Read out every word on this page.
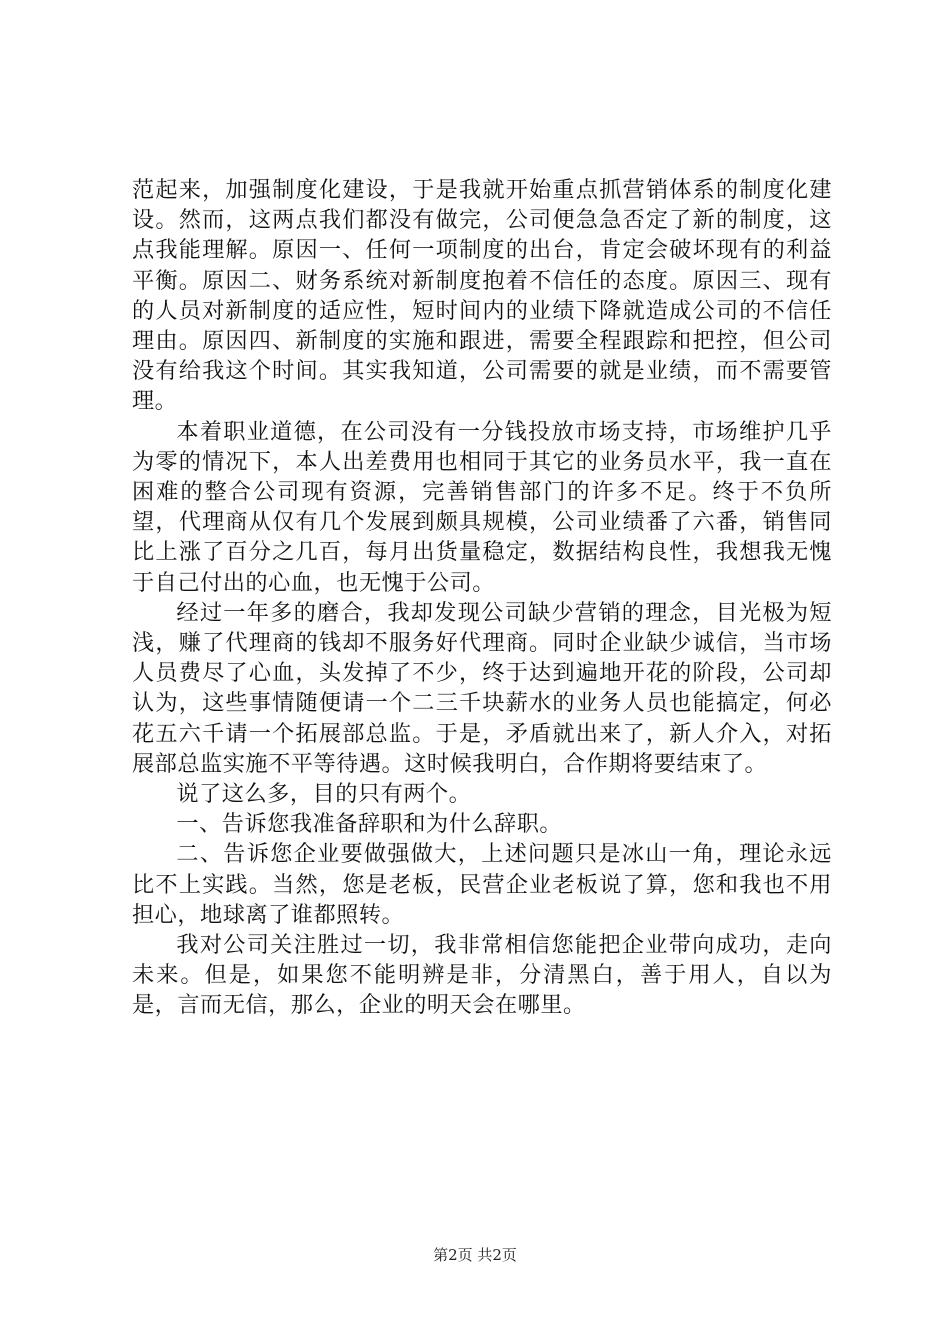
范起来，加强制度化建设，于是我就开始重点抓营销体系的制度化建设。然而，这两点我们都没有做完，公司便急急否定了新的制度，这点我能理解。原因一、任何一项制度的出台，肯定会破坏现有的利益平衡。原因二、财务系统对新制度抱着不信任的态度。原因三、现有的人员对新制度的适应性，短时间内的业绩下降就造成公司的不信任理由。原因四、新制度的实施和跟进，需要全程跟踪和把控，但公司没有给我这个时间。其实我知道，公司需要的就是业绩，而不需要管理。

本着职业道德，在公司没有一分钱投放市场支持，市场维护几乎为零的情况下，本人出差费用也相同于其它的业务员水平，我一直在困难的整合公司现有资源，完善销售部门的许多不足。终于不负所望，代理商从仅有几个发展到颇具规模，公司业绩番了六番，销售同比上涨了百分之几百，每月出货量稳定，数据结构良性，我想我无愧于自己付出的心血，也无愧于公司。

经过一年多的磨合，我却发现公司缺少营销的理念，目光极为短浅，赚了代理商的钱却不服务好代理商。同时企业缺少诚信，当市场人员费尽了心血，头发掉了不少，终于达到遍地开花的阶段，公司却认为，这些事情随便请一个二三千块薪水的业务人员也能搞定，何必花五六千请一个拓展部总监。于是，矛盾就出来了，新人介入，对拓展部总监实施不平等待遇。这时候我明白，合作期将要结束了。

说了这么多，目的只有两个。

一、告诉您我准备辞职和为什么辞职。

二、告诉您企业要做强做大，上述问题只是冰山一角，理论永远比不上实践。当然，您是老板，民营企业老板说了算，您和我也不用担心，地球离了谁都照转。

我对公司关注胜过一切，我非常相信您能把企业带向成功，走向未来。但是，如果您不能明辨是非，分清黑白，善于用人，自以为是，言而无信，那么，企业的明天会在哪里。

第2页 共2页
